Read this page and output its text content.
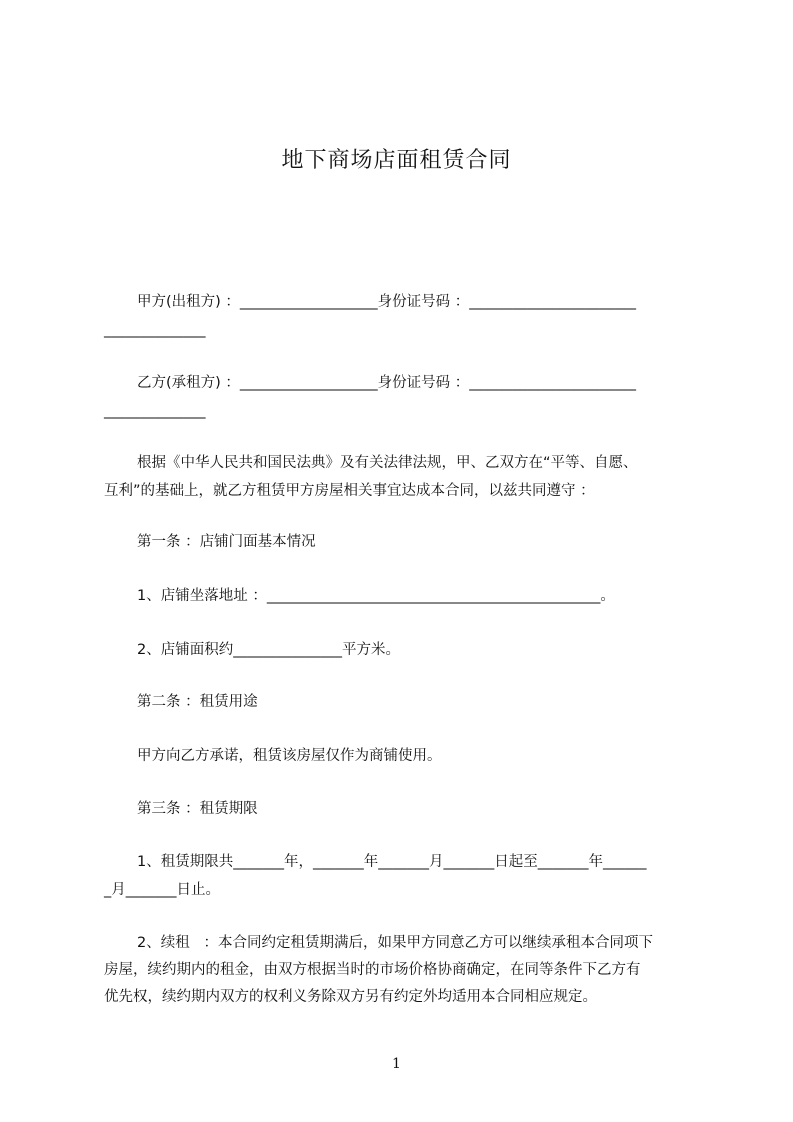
地下商场店面租赁合同
甲方(出租方) ：___________________身份证号码 ：_______________________
______________
乙方(承租方) ：___________________身份证号码 ：_______________________
______________
根据《中华人民共和国民法典》及有关法律法规，甲、乙双方在“平等、自愿、
互利”的基础上，就乙方租赁甲方房屋相关事宜达成本合同，以兹共同遵守 ：
第一条 ：店铺门面基本情况
1、店铺坐落地址 ：______________________________________________。
2、店铺面积约_______________平方米。
第二条 ：租赁用途
甲方向乙方承诺，租赁该房屋仅作为商铺使用。
第三条 ：租赁期限
1、租赁期限共_______年，_______年_______月_______日起至_______年______
_月_______日止。
2、续租   ：本合同约定租赁期满后，如果甲方同意乙方可以继续承租本合同项下
房屋，续约期内的租金，由双方根据当时的市场价格协商确定，在同等条件下乙方有
优先权，续约期内双方的权利义务除双方另有约定外均适用本合同相应规定。
1
